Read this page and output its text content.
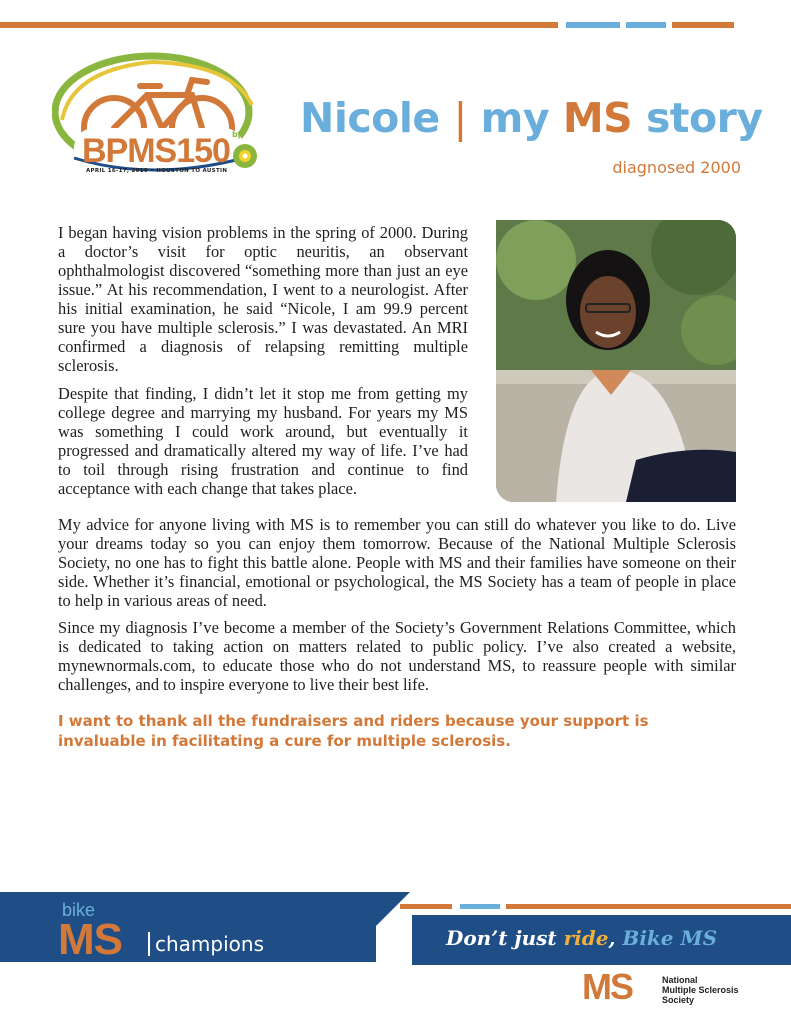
BPMS150 bp
APRIL 16-17, 2010 • HOUSTON TO AUSTIN
Nicole | my MS story
diagnosed 2000

I began having vision problems in the spring of 2000. During a doctor’s visit for optic neuritis, an observant ophthalmologist discovered “something more than just an eye issue.” At his recommendation, I went to a neurologist. After his initial examination, he said “Nicole, I am 99.9 percent sure you have multiple sclerosis.” I was devastated. An MRI confirmed a diagnosis of relapsing remitting multiple sclerosis.

Despite that finding, I didn’t let it stop me from getting my college degree and marrying my husband. For years my MS was something I could work around, but eventually it progressed and dramatically altered my way of life. I’ve had to toil through rising frustration and continue to find acceptance with each change that takes place.

My advice for anyone living with MS is to remember you can still do whatever you like to do. Live your dreams today so you can enjoy them tomorrow. Because of the National Multiple Sclerosis Society, no one has to fight this battle alone. People with MS and their families have someone on their side. Whether it’s financial, emotional or psychological, the MS Society has a team of people in place to help in various areas of need.

Since my diagnosis I’ve become a member of the Society’s Government Relations Committee, which is dedicated to taking action on matters related to public policy. I’ve also created a website, mynewnormals.com, to educate those who do not understand MS, to reassure people with similar challenges, and to inspire everyone to live their best life.

I want to thank all the fundraisers and riders because your support is invaluable in facilitating a cure for multiple sclerosis.

bike
MS	champions	Don’t just ride, Bike MS
MS	National
Multiple Sclerosis
Society
